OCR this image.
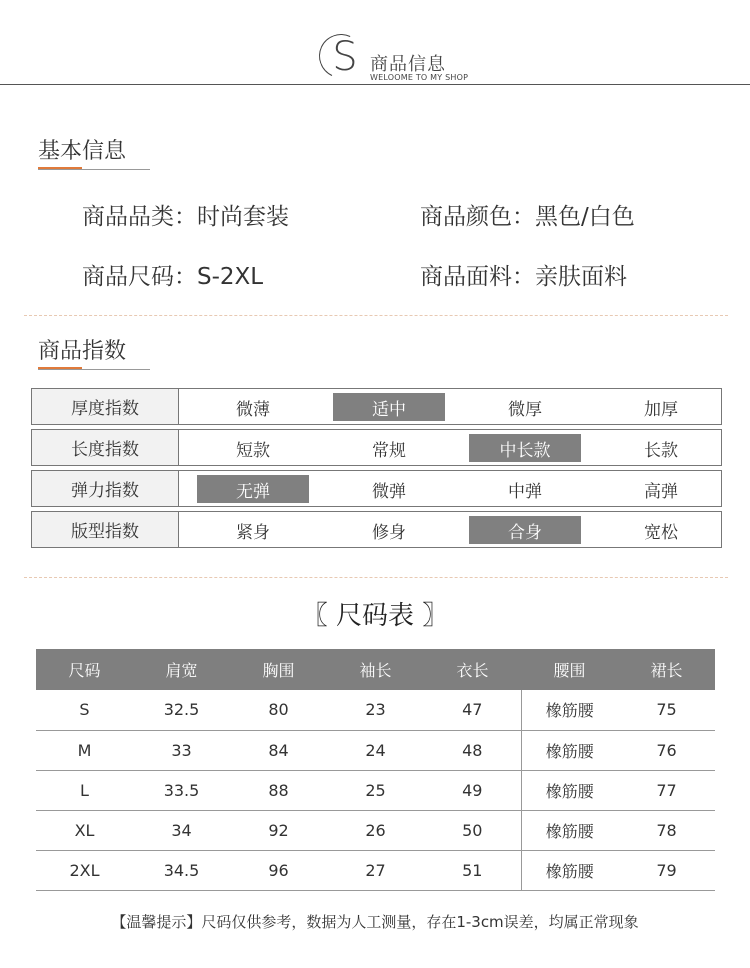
S 商品信息
WELOOME TO MY SHOP
基本信息
商品品类：时尚套装	商品颜色：黑色/白色
商品尺码：S-2XL	商品面料：亲肤面料
商品指数
厚度指数	微薄	适中	微厚	加厚
长度指数	短款	常规	中长款	长款
弹力指数	无弹	微弹	中弹	高弹
版型指数	紧身	修身	合身	宽松
〖 尺码表 〗
尺码	肩宽	胸围	袖长	衣长	腰围	裙长
S	32.5	80	23	47	橡筋腰	75
M	33	84	24	48	橡筋腰	76
L	33.5	88	25	49	橡筋腰	77
XL	34	92	26	50	橡筋腰	78
2XL	34.5	96	27	51	橡筋腰	79
【温馨提示】尺码仅供参考，数据为人工测量，存在1-3cm误差，均属正常现象
